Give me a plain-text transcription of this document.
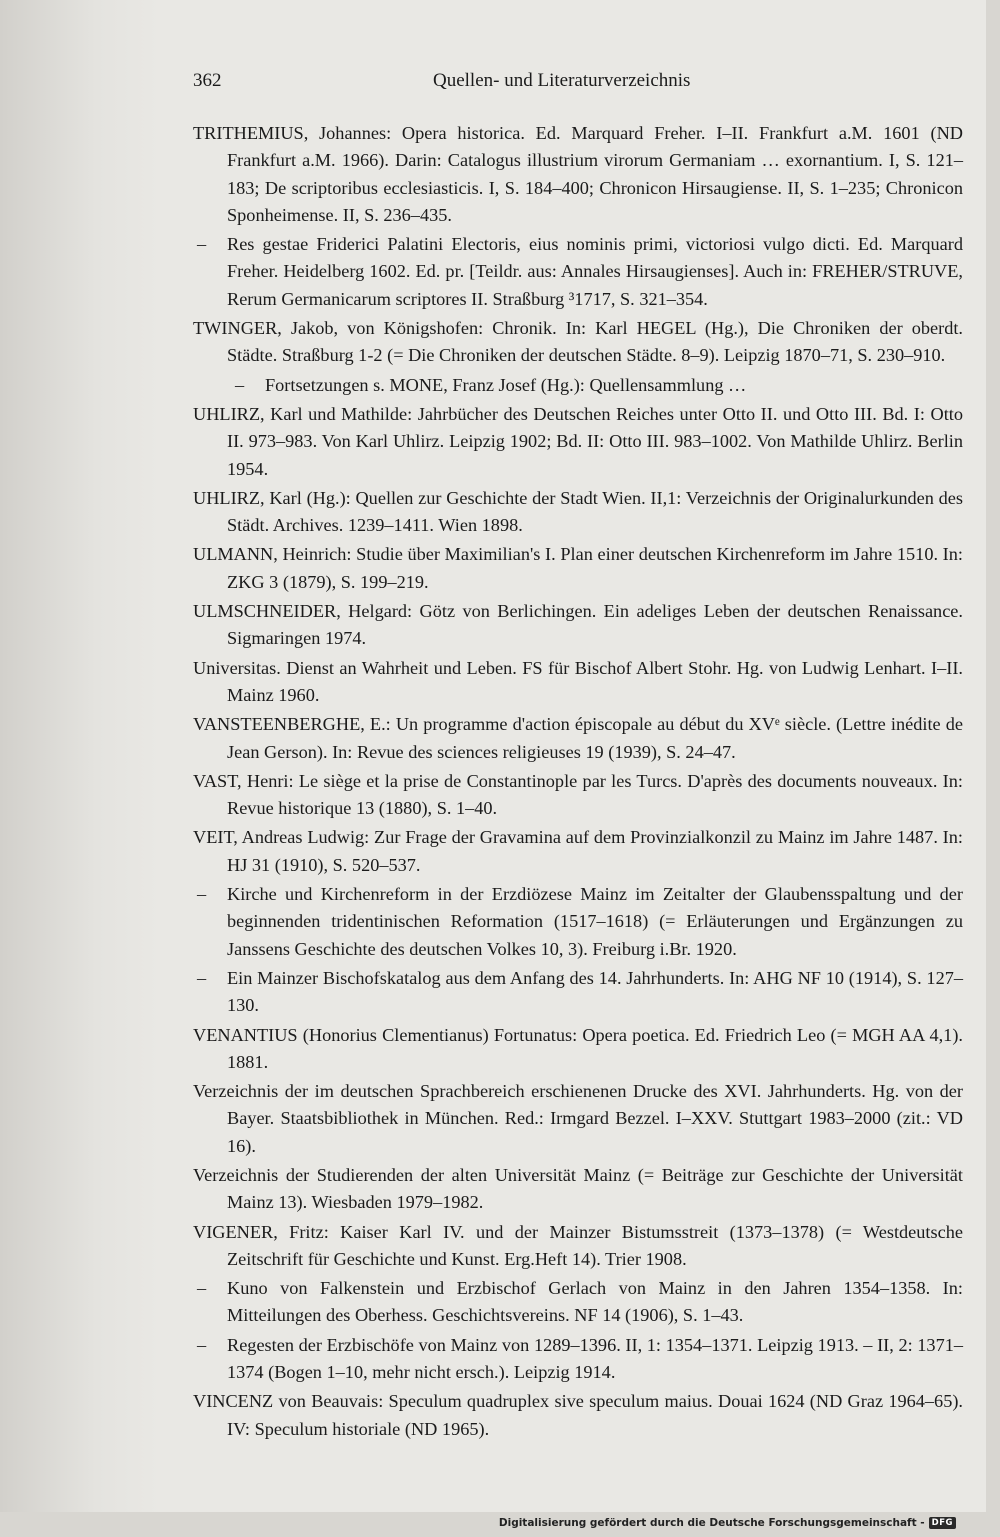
362	Quellen- und Literaturverzeichnis

TRITHEMIUS, Johannes: Opera historica. Ed. Marquard Freher. I–II. Frankfurt a.M. 1601 (ND Frankfurt a.M. 1966). Darin: Catalogus illustrium virorum Germaniam … exornantium. I, S. 121–183; De scriptoribus ecclesiasticis. I, S. 184–400; Chronicon Hirsaugiense. II, S. 1–235; Chronicon Sponheimense. II, S. 236–435.

– Res gestae Friderici Palatini Electoris, eius nominis primi, victoriosi vulgo dicti. Ed. Marquard Freher. Heidelberg 1602. Ed. pr. [Teildr. aus: Annales Hirsaugienses]. Auch in: FREHER/STRUVE, Rerum Germanicarum scriptores II. Straßburg ³1717, S. 321–354.

TWINGER, Jakob, von Königshofen: Chronik. In: Karl HEGEL (Hg.), Die Chroniken der oberdt. Städte. Straßburg 1-2 (= Die Chroniken der deutschen Städte. 8–9). Leipzig 1870–71, S. 230–910.

– Fortsetzungen s. MONE, Franz Josef (Hg.): Quellensammlung …

UHLIRZ, Karl und Mathilde: Jahrbücher des Deutschen Reiches unter Otto II. und Otto III. Bd. I: Otto II. 973–983. Von Karl Uhlirz. Leipzig 1902; Bd. II: Otto III. 983–1002. Von Mathilde Uhlirz. Berlin 1954.

UHLIRZ, Karl (Hg.): Quellen zur Geschichte der Stadt Wien. II,1: Verzeichnis der Originalurkunden des Städt. Archives. 1239–1411. Wien 1898.

ULMANN, Heinrich: Studie über Maximilian's I. Plan einer deutschen Kirchenreform im Jahre 1510. In: ZKG 3 (1879), S. 199–219.

ULMSCHNEIDER, Helgard: Götz von Berlichingen. Ein adeliges Leben der deutschen Renaissance. Sigmaringen 1974.

Universitas. Dienst an Wahrheit und Leben. FS für Bischof Albert Stohr. Hg. von Ludwig Lenhart. I–II. Mainz 1960.

VANSTEENBERGHE, E.: Un programme d'action épiscopale au début du XVᵉ siècle. (Lettre inédite de Jean Gerson). In: Revue des sciences religieuses 19 (1939), S. 24–47.

VAST, Henri: Le siège et la prise de Constantinople par les Turcs. D'après des documents nouveaux. In: Revue historique 13 (1880), S. 1–40.

VEIT, Andreas Ludwig: Zur Frage der Gravamina auf dem Provinzialkonzil zu Mainz im Jahre 1487. In: HJ 31 (1910), S. 520–537.

– Kirche und Kirchenreform in der Erzdiözese Mainz im Zeitalter der Glaubensspaltung und der beginnenden tridentinischen Reformation (1517–1618) (= Erläuterungen und Ergänzungen zu Janssens Geschichte des deutschen Volkes 10, 3). Freiburg i.Br. 1920.

– Ein Mainzer Bischofskatalog aus dem Anfang des 14. Jahrhunderts. In: AHG NF 10 (1914), S. 127–130.

VENANTIUS (Honorius Clementianus) Fortunatus: Opera poetica. Ed. Friedrich Leo (= MGH AA 4,1). 1881.

Verzeichnis der im deutschen Sprachbereich erschienenen Drucke des XVI. Jahrhunderts. Hg. von der Bayer. Staatsbibliothek in München. Red.: Irmgard Bezzel. I–XXV. Stuttgart 1983–2000 (zit.: VD 16).

Verzeichnis der Studierenden der alten Universität Mainz (= Beiträge zur Geschichte der Universität Mainz 13). Wiesbaden 1979–1982.

VIGENER, Fritz: Kaiser Karl IV. und der Mainzer Bistumsstreit (1373–1378) (= Westdeutsche Zeitschrift für Geschichte und Kunst. Erg.Heft 14). Trier 1908.

– Kuno von Falkenstein und Erzbischof Gerlach von Mainz in den Jahren 1354–1358. In: Mitteilungen des Oberhess. Geschichtsvereins. NF 14 (1906), S. 1–43.

– Regesten der Erzbischöfe von Mainz von 1289–1396. II, 1: 1354–1371. Leipzig 1913. – II, 2: 1371–1374 (Bogen 1–10, mehr nicht ersch.). Leipzig 1914.

VINCENZ von Beauvais: Speculum quadruplex sive speculum maius. Douai 1624 (ND Graz 1964–65). IV: Speculum historiale (ND 1965).

Digitalisierung gefördert durch die Deutsche Forschungsgemeinschaft - DFG
